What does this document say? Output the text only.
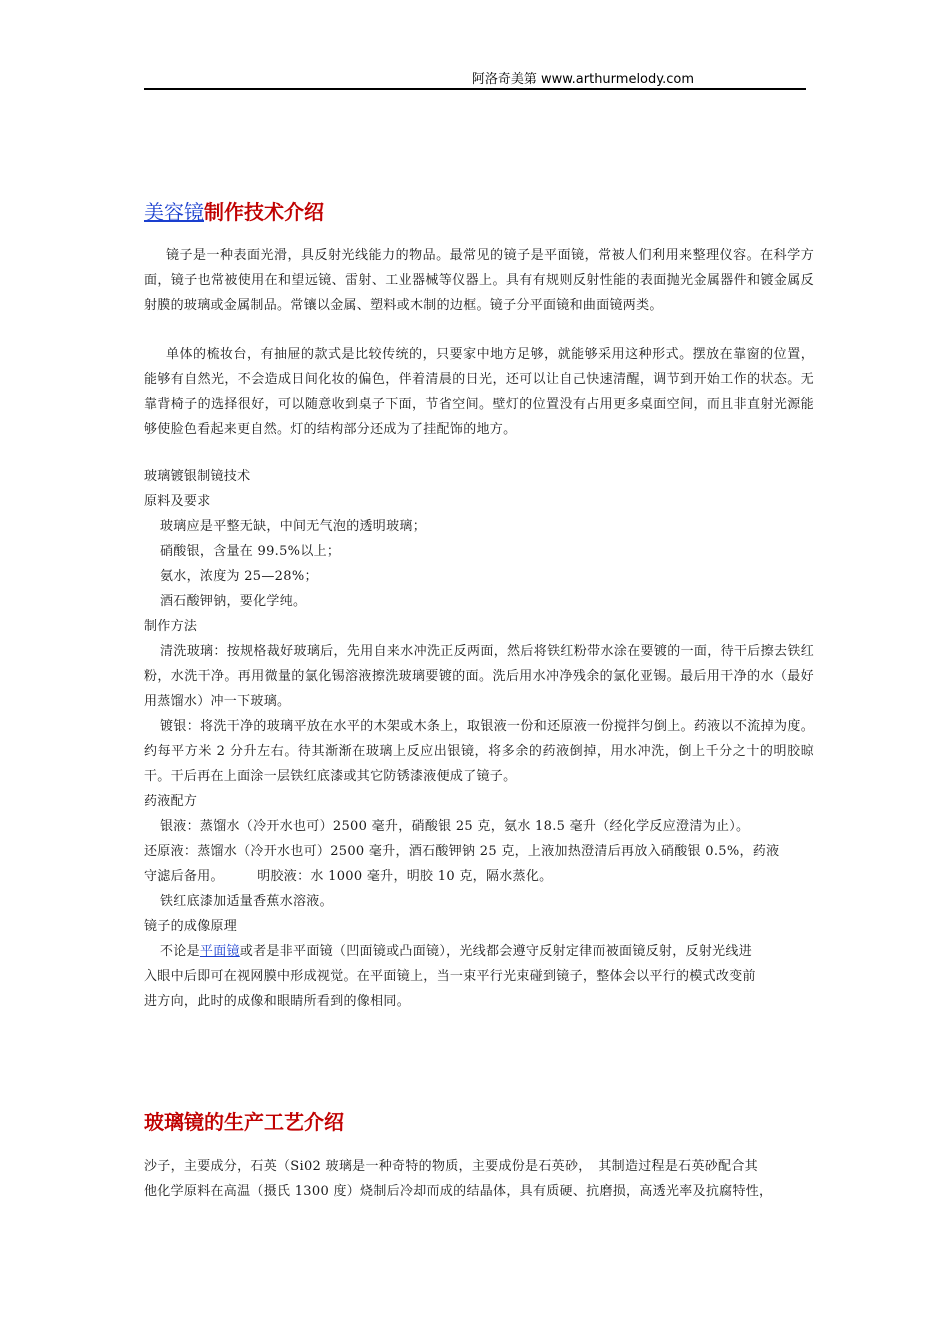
阿洛奇美第 www.arthurmelody.com
美容镜制作技术介绍
镜子是一种表面光滑，具反射光线能力的物品。最常见的镜子是平面镜，常被人们利用来整理仪容。在科学方面，镜子也常被使用在和望远镜、雷射、工业器械等仪器上。具有有规则反射性能的表面抛光金属器件和镀金属反射膜的玻璃或金属制品。常镶以金属、塑料或木制的边框。镜子分平面镜和曲面镜两类。
单体的梳妆台，有抽屉的款式是比较传统的，只要家中地方足够，就能够采用这种形式。摆放在靠窗的位置，能够有自然光，不会造成日间化妆的偏色，伴着清晨的日光，还可以让自己快速清醒，调节到开始工作的状态。无靠背椅子的选择很好，可以随意收到桌子下面，节省空间。壁灯的位置没有占用更多桌面空间，而且非直射光源能够使脸色看起来更自然。灯的结构部分还成为了挂配饰的地方。
玻璃镀银制镜技术
原料及要求
玻璃应是平整无缺，中间无气泡的透明玻璃；
硝酸银，含量在 99.5%以上；
氨水，浓度为 25—28%；
酒石酸钾钠，要化学纯。
制作方法
清洗玻璃：按规格裁好玻璃后，先用自来水冲洗正反两面，然后将铁红粉带水涂在要镀的一面，待干后擦去铁红粉，水洗干净。再用微量的氯化锡溶液擦洗玻璃要镀的面。洗后用水冲净残余的氯化亚锡。最后用干净的水（最好用蒸馏水）冲一下玻璃。
镀银：将洗干净的玻璃平放在水平的木架或木条上，取银液一份和还原液一份搅拌匀倒上。药液以不流掉为度。约每平方米 2 分升左右。待其渐渐在玻璃上反应出银镜，将多余的药液倒掉，用水冲洗，倒上千分之十的明胶晾干。干后再在上面涂一层铁红底漆或其它防锈漆液便成了镜子。
药液配方
银液：蒸馏水（冷开水也可）2500 毫升，硝酸银 25 克，氨水 18.5 毫升（经化学反应澄清为止）。
还原液：蒸馏水（冷开水也可）2500 毫升，酒石酸钾钠 25 克，上液加热澄清后再放入硝酸银 0.5%，药液
守滤后备用。　　　明胶液：水 1000 毫升，明胶 10 克，隔水蒸化。
铁红底漆加适量香蕉水溶液。
镜子的成像原理
不论是平面镜或者是非平面镜（凹面镜或凸面镜），光线都会遵守反射定律而被面镜反射，反射光线进
入眼中后即可在视网膜中形成视觉。在平面镜上，当一束平行光束碰到镜子，整体会以平行的模式改变前
进方向，此时的成像和眼睛所看到的像相同。
玻璃镜的生产工艺介绍
沙子，主要成分，石英（Si02 玻璃是一种奇特的物质，主要成份是石英砂，　其制造过程是石英砂配合其
他化学原料在高温（摄氏 1300 度）烧制后冷却而成的结晶体，具有质硬、抗磨损，高透光率及抗腐特性，
